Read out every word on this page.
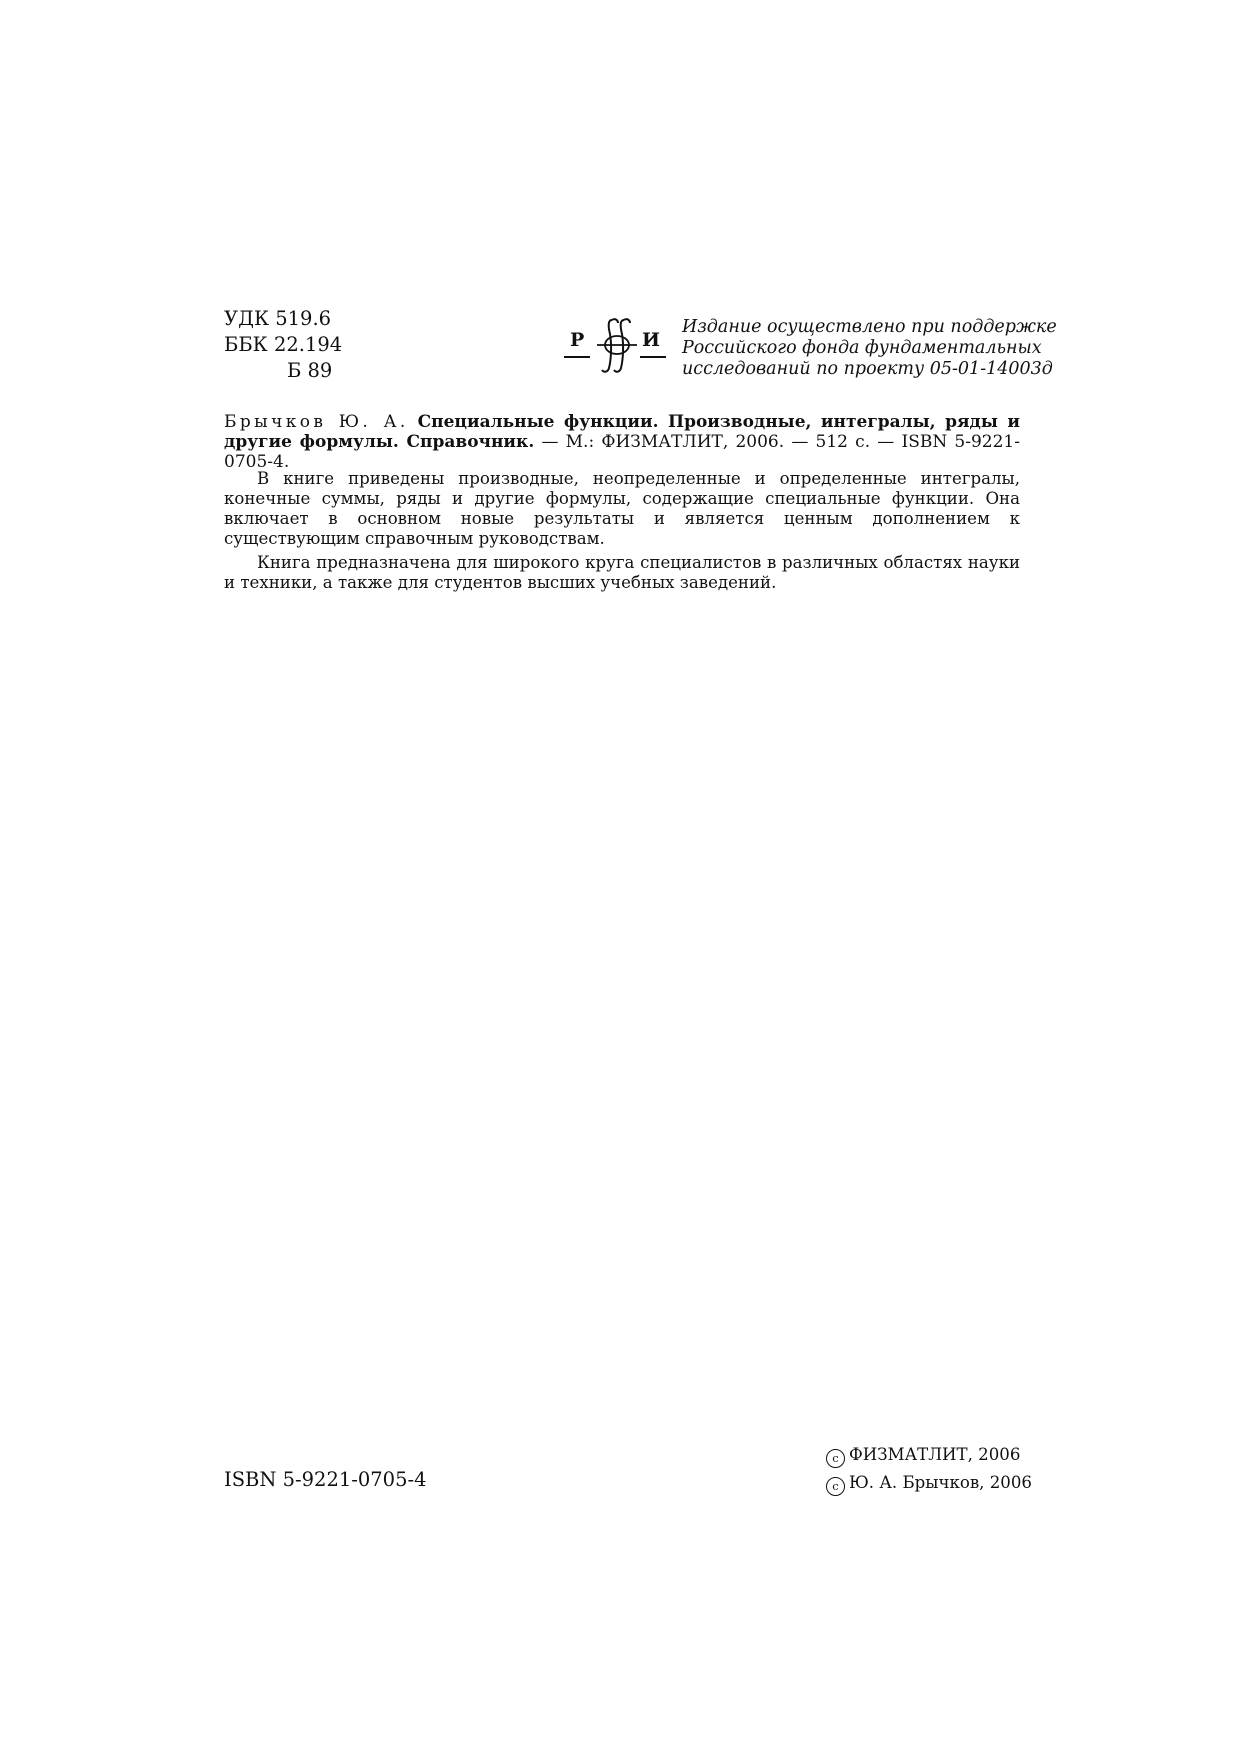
УДК 519.6
ББК 22.194
Б 89
Р	И
Издание осуществлено при поддержке
Российского фонда фундаментальных
исследований по проекту 05-01-14003д
Брычков Ю. А. Специальные функции. Производные, интегралы, ряды и другие формулы. Справочник. — М.: ФИЗМАТЛИТ, 2006. — 512 с. — ISBN 5-9221-0705-4.

В книге приведены производные, неопределенные и определенные интегралы, конечные суммы, ряды и другие формулы, содержащие специальные функции. Она включает в основном новые результаты и является ценным дополнением к существующим справочным руководствам.

Книга предназначена для широкого круга специалистов в различных областях науки и техники, а также для студентов высших учебных заведений.

ISBN 5-9221-0705-4
c ФИЗМАТЛИТ, 2006
c Ю. А. Брычков, 2006
